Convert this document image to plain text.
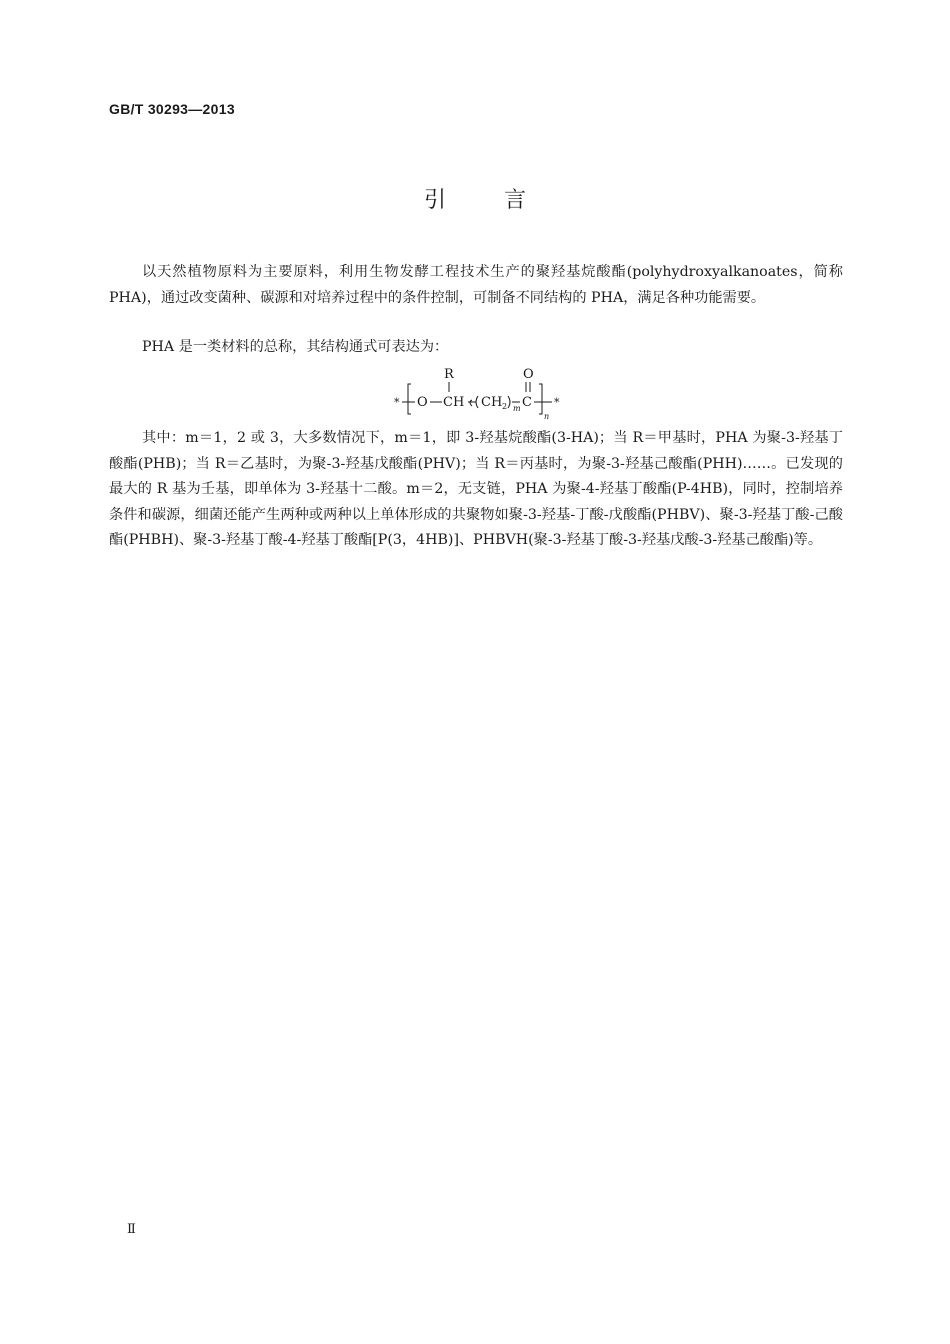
GB/T 30293—2013
引言
以天然植物原料为主要原料，利用生物发酵工程技术生产的聚羟基烷酸酯(polyhydroxyalkanoates，简称 PHA)，通过改变菌种、碳源和对培养过程中的条件控制，可制备不同结构的 PHA，满足各种功能需要。
PHA 是一类材料的总称，其结构通式可表达为：
* O
R
CH CH 2 m
O
C
n
*
其中：m＝1，2 或 3，大多数情况下，m＝1，即 3-羟基烷酸酯(3-HA)；当 R＝甲基时，PHA 为聚-3-羟基丁酸酯(PHB)；当 R＝乙基时，为聚-3-羟基戊酸酯(PHV)；当 R＝丙基时，为聚-3-羟基己酸酯(PHH)……。已发现的最大的 R 基为壬基，即单体为 3-羟基十二酸。m＝2，无支链，PHA 为聚-4-羟基丁酸酯(P-4HB)，同时，控制培养条件和碳源，细菌还能产生两种或两种以上单体形成的共聚物如聚-3-羟基-丁酸-戊酸酯(PHBV)、聚-3-羟基丁酸-己酸酯(PHBH)、聚-3-羟基丁酸-4-羟基丁酸酯[P(3，4HB)]、PHBVH(聚-3-羟基丁酸-3-羟基戊酸-3-羟基己酸酯)等。
Ⅱ
